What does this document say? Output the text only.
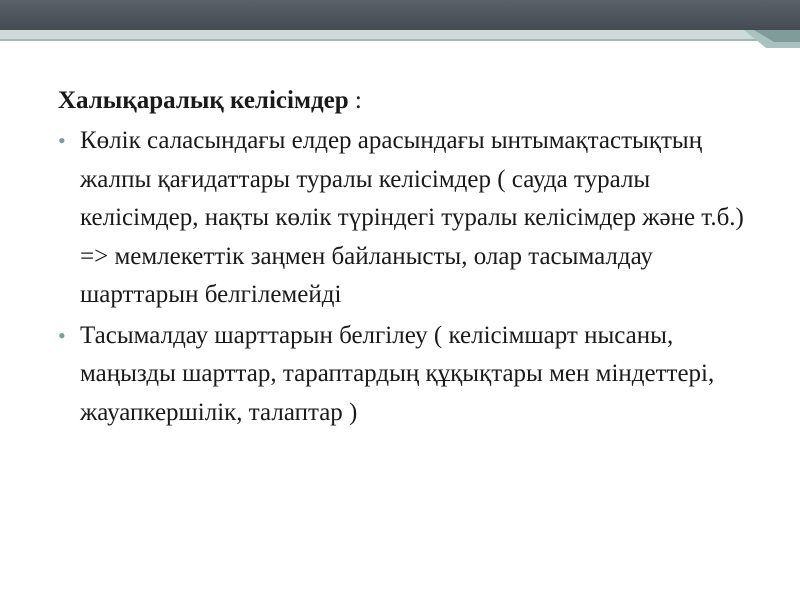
Халықаралық келісімдер :

• Көлік саласындағы елдер арасындағы ынтымақтастықтың жалпы қағидаттары туралы келісімдер ( сауда туралы келісімдер, нақты көлік түріндегі туралы келісімдер және т.б.) => мемлекеттік заңмен байланысты, олар тасымалдау шарттарын белгілемейді
• Тасымалдау шарттарын белгілеу ( келісімшарт нысаны, маңызды шарттар, тараптардың құқықтары мен міндеттері, жауапкершілік, талаптар )
